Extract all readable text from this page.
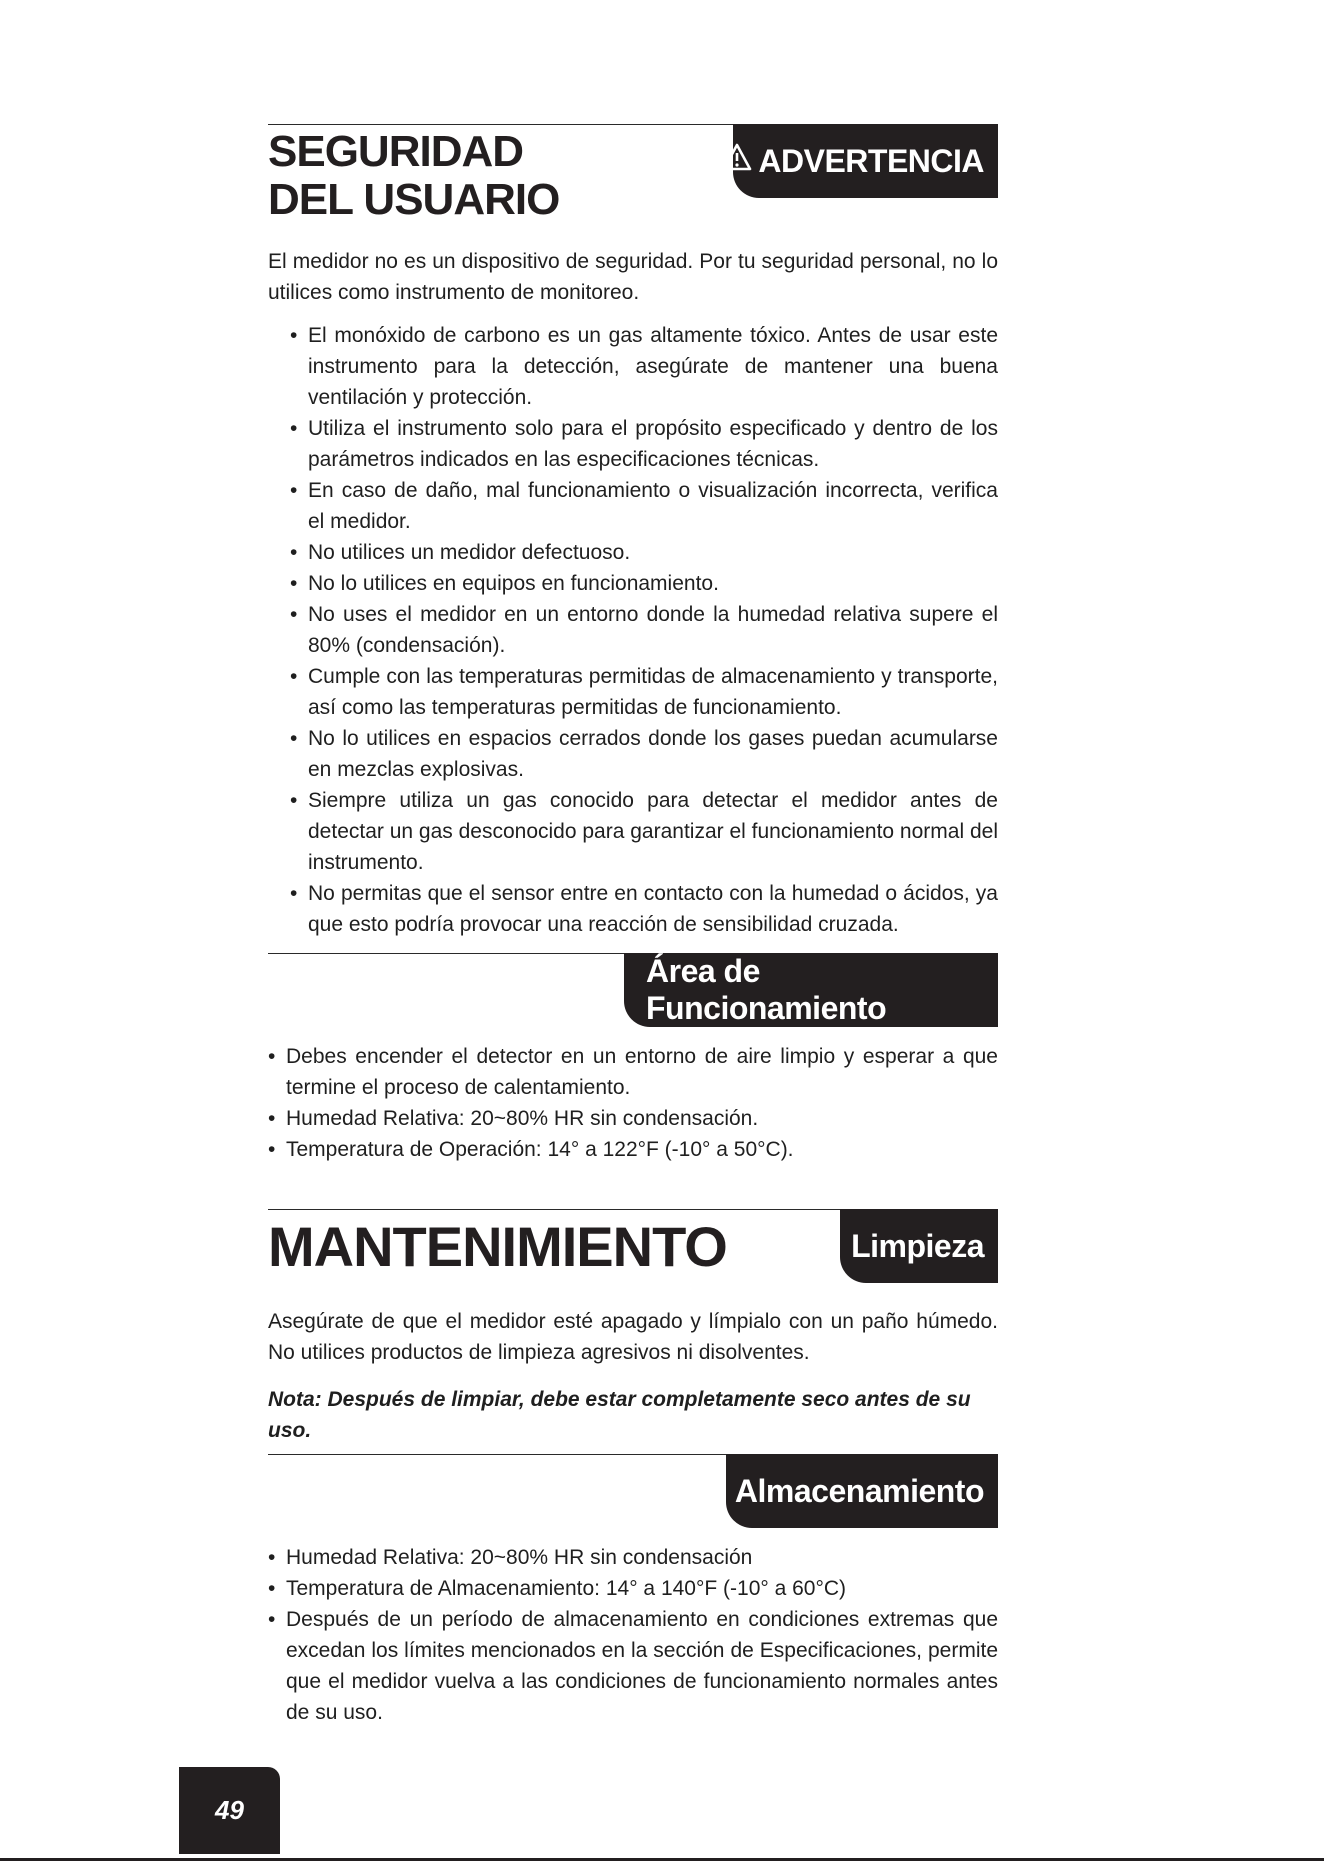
SEGURIDAD
DEL USUARIO
ADVERTENCIA

El medidor no es un dispositivo de seguridad. Por tu seguridad personal, no lo utilices como instrumento de monitoreo.

• El monóxido de carbono es un gas altamente tóxico. Antes de usar este instrumento para la detección, asegúrate de mantener una buena ventilación y protección.
• Utiliza el instrumento solo para el propósito especificado y dentro de los parámetros indicados en las especificaciones técnicas.
• En caso de daño, mal funcionamiento o visualización incorrecta, verifica el medidor.
• No utilices un medidor defectuoso.
• No lo utilices en equipos en funcionamiento.
• No uses el medidor en un entorno donde la humedad relativa supere el 80% (condensación).
• Cumple con las temperaturas permitidas de almacenamiento y transporte, así como las temperaturas permitidas de funcionamiento.
• No lo utilices en espacios cerrados donde los gases puedan acumularse en mezclas explosivas.
• Siempre utiliza un gas conocido para detectar el medidor antes de detectar un gas desconocido para garantizar el funcionamiento normal del instrumento.
• No permitas que el sensor entre en contacto con la humedad o ácidos, ya que esto podría provocar una reacción de sensibilidad cruzada.
Área de Funcionamiento
• Debes encender el detector en un entorno de aire limpio y esperar a que termine el proceso de calentamiento.
• Humedad Relativa: 20~80% HR sin condensación.
• Temperatura de Operación: 14° a 122°F (-10° a 50°C).
MANTENIMIENTO	Limpieza

Asegúrate de que el medidor esté apagado y límpialo con un paño húmedo. No utilices productos de limpieza agresivos ni disolventes.

Nota: Después de limpiar, debe estar completamente seco antes de su uso.

Almacenamiento
• Humedad Relativa: 20~80% HR sin condensación
• Temperatura de Almacenamiento: 14° a 140°F (-10° a 60°C)
• Después de un período de almacenamiento en condiciones extremas que excedan los límites mencionados en la sección de Especificaciones, permite que el medidor vuelva a las condiciones de funcionamiento normales antes de su uso.
49
